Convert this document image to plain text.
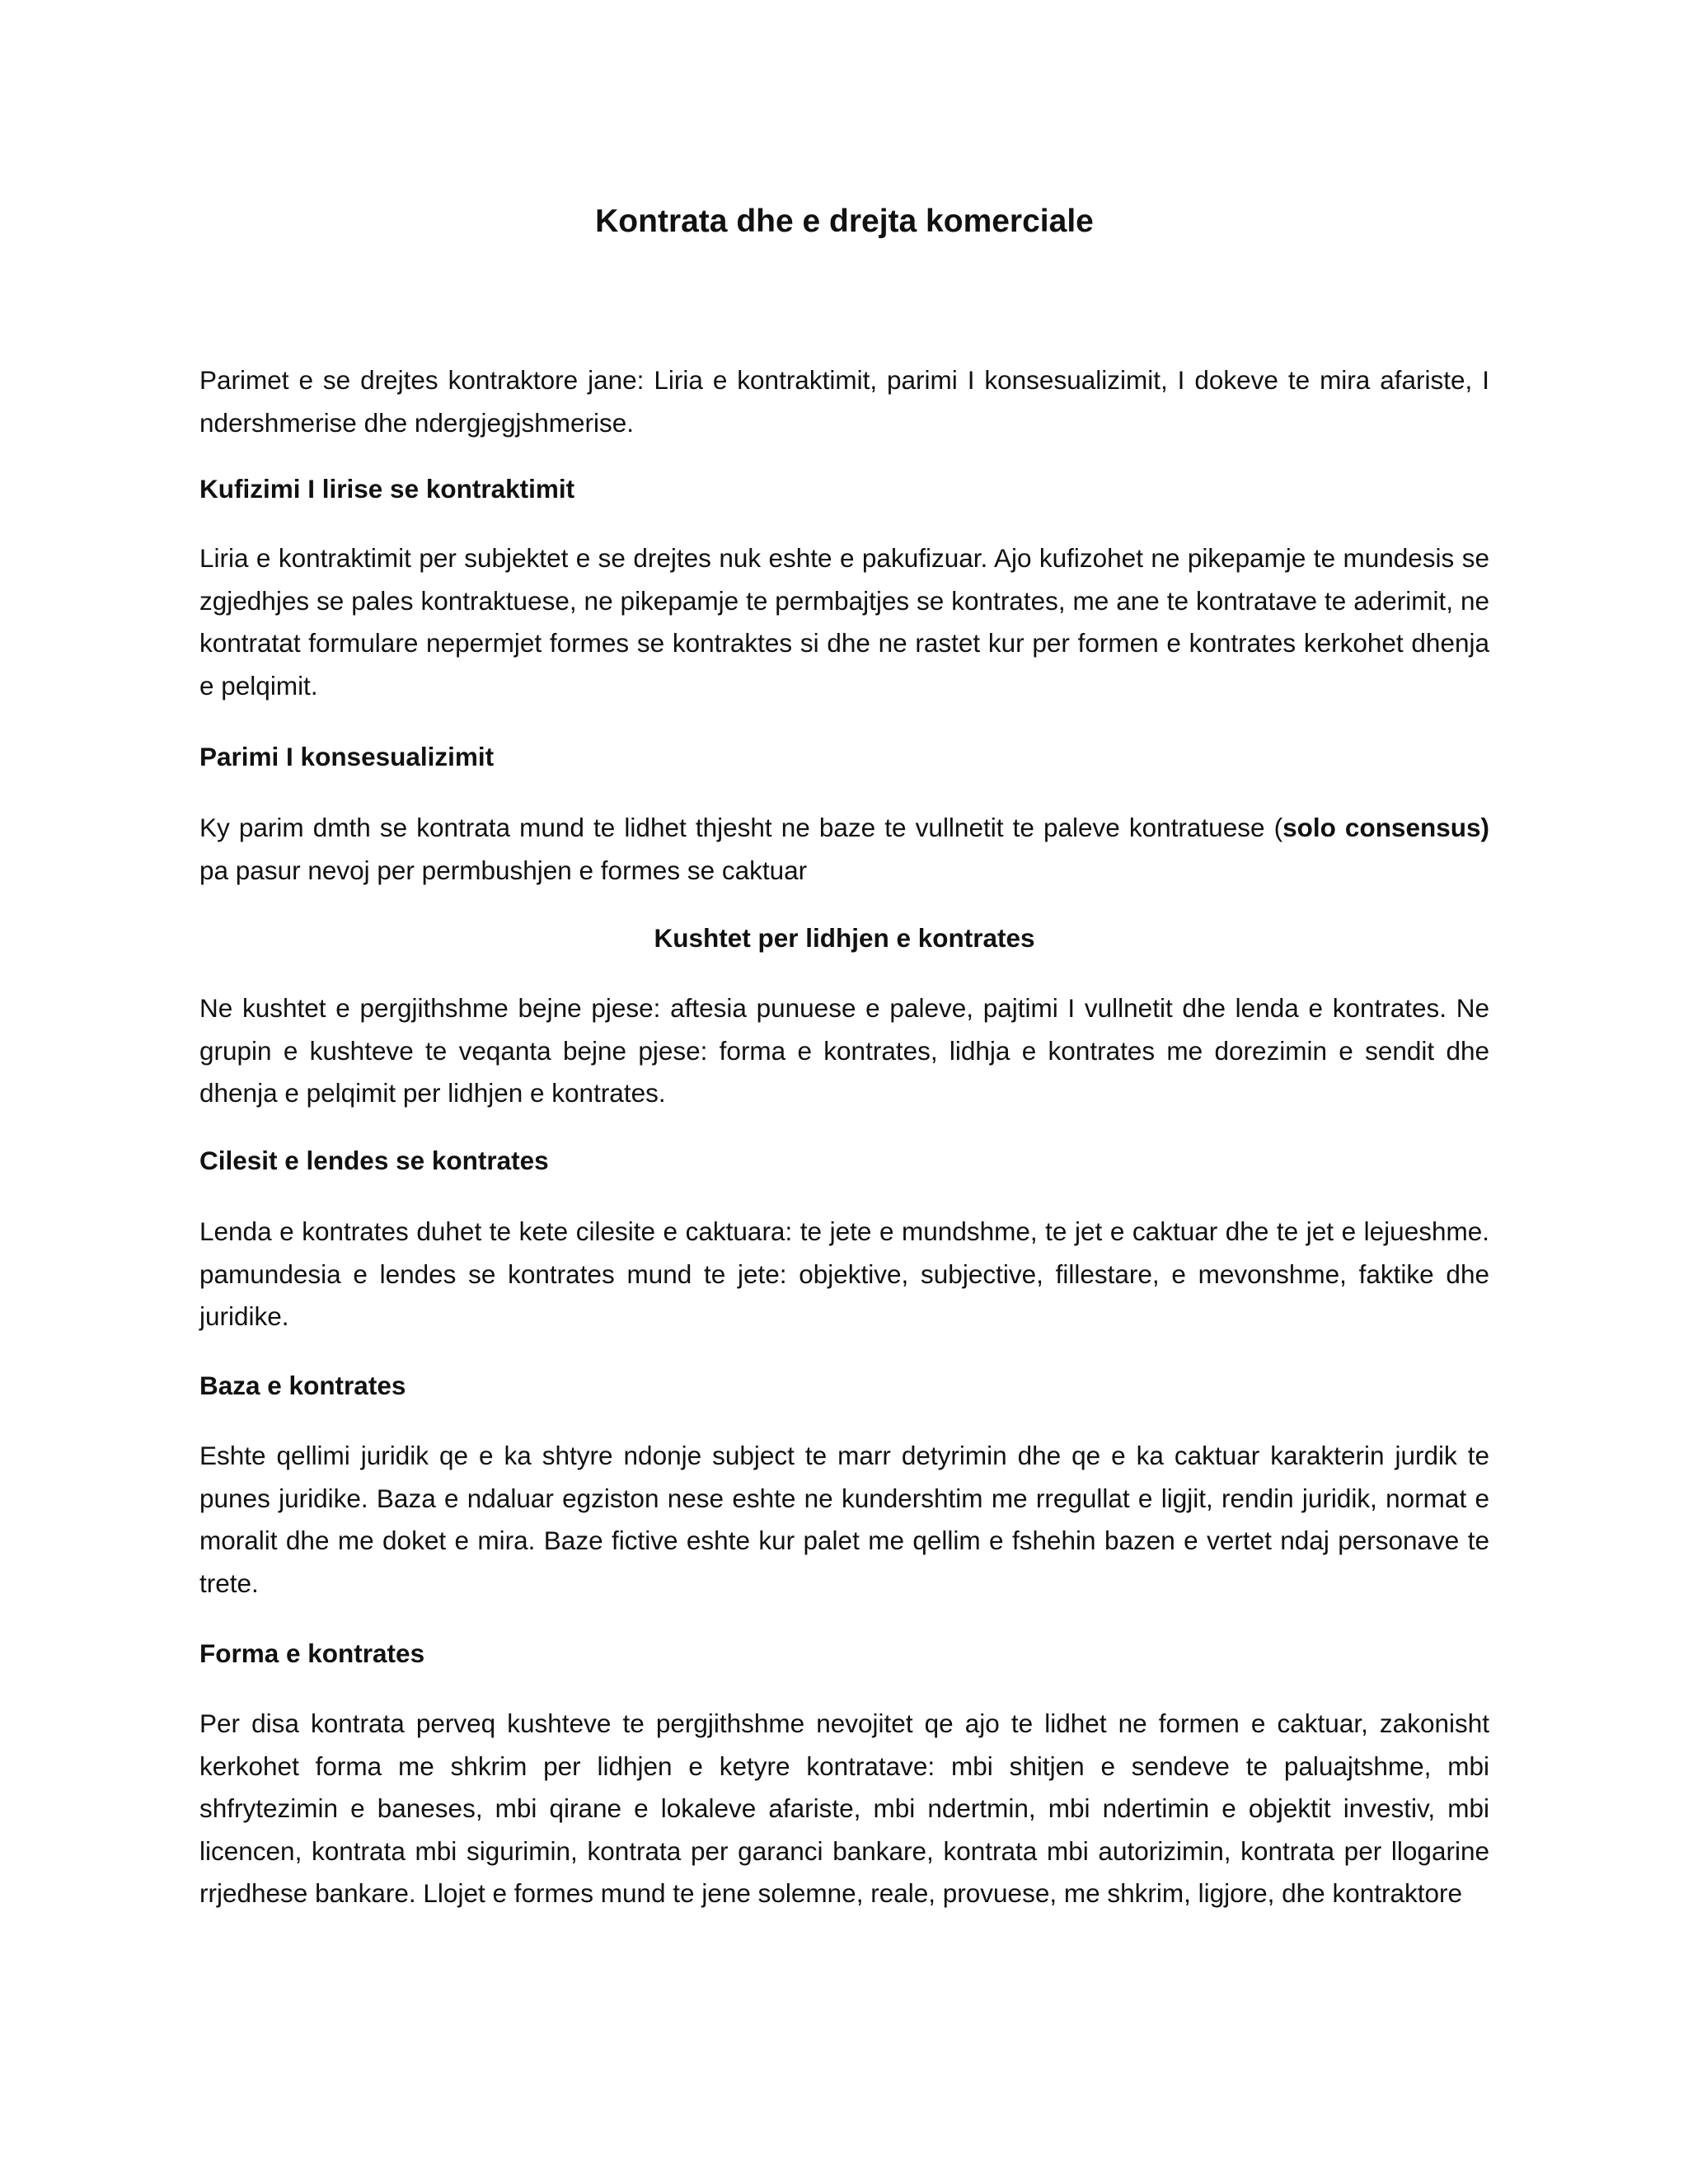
Kontrata dhe e drejta komerciale

Parimet e se drejtes kontraktore jane: Liria e kontraktimit, parimi I konsesualizimit, I dokeve te mira afariste, I ndershmerise dhe ndergjegjshmerise.

Kufizimi I lirise se kontraktimit

Liria e kontraktimit per subjektet e se drejtes nuk eshte e pakufizuar. Ajo kufizohet ne pikepamje te mundesis se zgjedhjes se pales kontraktuese, ne pikepamje te permbajtjes se kontrates, me ane te kontratave te aderimit, ne kontratat formulare nepermjet formes se kontraktes si dhe ne rastet kur per formen e kontrates kerkohet dhenja e pelqimit.

Parimi I konsesualizimit

Ky parim dmth se kontrata mund te lidhet thjesht ne baze te vullnetit te paleve kontratuese (solo consensus) pa pasur nevoj per permbushjen e formes se caktuar

Kushtet per lidhjen e kontrates

Ne kushtet e pergjithshme bejne pjese: aftesia punuese e paleve, pajtimi I vullnetit dhe lenda e kontrates. Ne grupin e kushteve te veqanta bejne pjese: forma e kontrates, lidhja e kontrates me dorezimin e sendit dhe dhenja e pelqimit per lidhjen e kontrates.

Cilesit e lendes se kontrates

Lenda e kontrates duhet te kete cilesite e caktuara: te jete e mundshme, te jet e caktuar dhe te jet e lejueshme. pamundesia e lendes se kontrates mund te jete: objektive, subjective, fillestare, e mevonshme, faktike dhe juridike.

Baza e kontrates

Eshte qellimi juridik qe e ka shtyre ndonje subject te marr detyrimin dhe qe e ka caktuar karakterin jurdik te punes juridike. Baza e ndaluar egziston nese eshte ne kundershtim me rregullat e ligjit, rendin juridik, normat e moralit dhe me doket e mira. Baze fictive eshte kur palet me qellim e fshehin bazen e vertet ndaj personave te trete.

Forma e kontrates

Per disa kontrata perveq kushteve te pergjithshme nevojitet qe ajo te lidhet ne formen e caktuar, zakonisht kerkohet forma me shkrim per lidhjen e ketyre kontratave: mbi shitjen e sendeve te paluajtshme, mbi shfrytezimin e baneses, mbi qirane e lokaleve afariste, mbi ndertmin, mbi ndertimin e objektit investiv, mbi licencen, kontrata mbi sigurimin, kontrata per garanci bankare, kontrata mbi autorizimin, kontrata per llogarine rrjedhese bankare. Llojet e formes mund te jene solemne, reale, provuese, me shkrim, ligjore, dhe kontraktore
